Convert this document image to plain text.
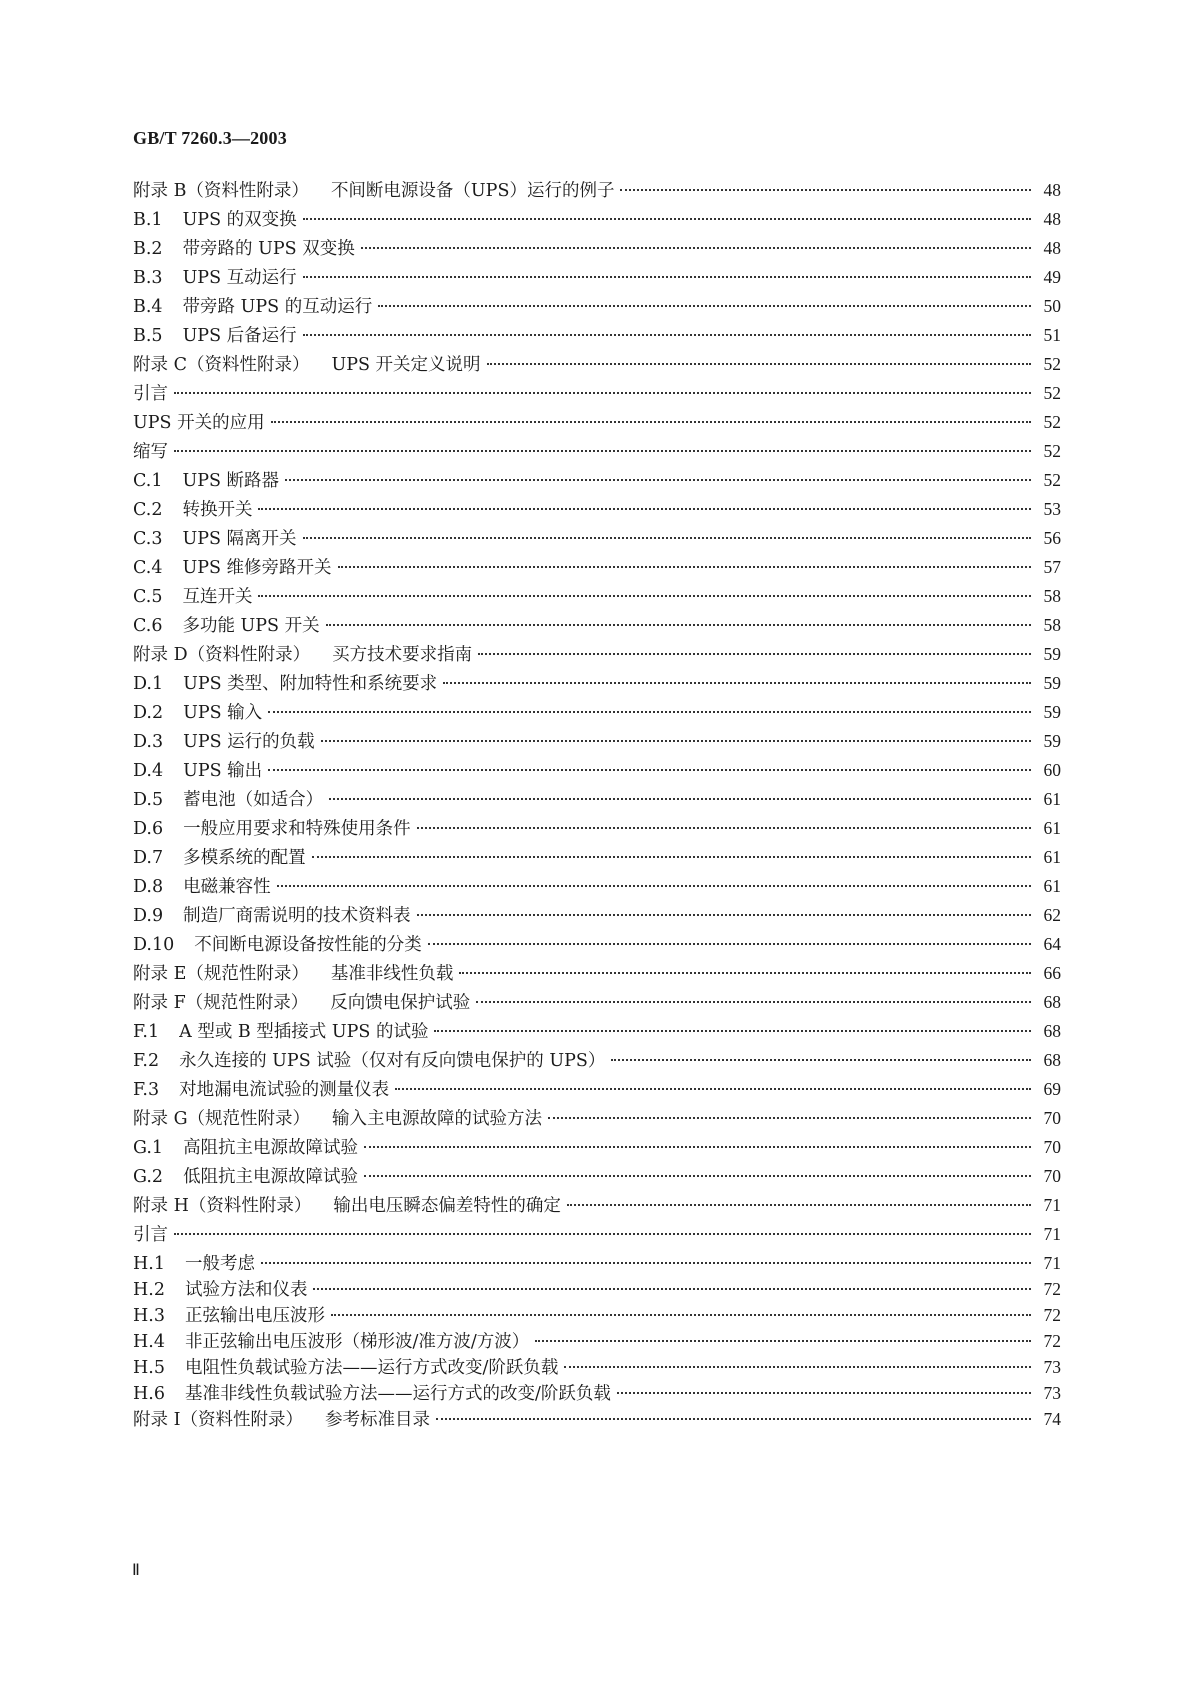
GB/T 7260.3—2003
附录 B（资料性附录） 不间断电源设备（UPS）运行的例子	48
B.1 UPS 的双变换	48
B.2 带旁路的 UPS 双变换	48
B.3 UPS 互动运行	49
B.4 带旁路 UPS 的互动运行	50
B.5 UPS 后备运行	51
附录 C（资料性附录） UPS 开关定义说明	52
引言	52
UPS 开关的应用	52
缩写	52
C.1 UPS 断路器	52
C.2 转换开关	53
C.3 UPS 隔离开关	56
C.4 UPS 维修旁路开关	57
C.5 互连开关	58
C.6 多功能 UPS 开关	58
附录 D（资料性附录） 买方技术要求指南	59
D.1 UPS 类型、附加特性和系统要求	59
D.2 UPS 输入	59
D.3 UPS 运行的负载	59
D.4 UPS 输出	60
D.5 蓄电池（如适合）	61
D.6 一般应用要求和特殊使用条件	61
D.7 多模系统的配置	61
D.8 电磁兼容性	61
D.9 制造厂商需说明的技术资料表	62
D.10 不间断电源设备按性能的分类	64
附录 E（规范性附录） 基准非线性负载	66
附录 F（规范性附录） 反向馈电保护试验	68
F.1 A 型或 B 型插接式 UPS 的试验	68
F.2 永久连接的 UPS 试验（仅对有反向馈电保护的 UPS）	68
F.3 对地漏电流试验的测量仪表	69
附录 G（规范性附录） 输入主电源故障的试验方法	70
G.1 高阻抗主电源故障试验	70
G.2 低阻抗主电源故障试验	70
附录 H（资料性附录） 输出电压瞬态偏差特性的确定	71
引言	71
H.1 一般考虑	71
H.2 试验方法和仪表	72
H.3 正弦输出电压波形	72
H.4 非正弦输出电压波形（梯形波/准方波/方波）	72
H.5 电阻性负载试验方法——运行方式改变/阶跃负载	73
H.6 基准非线性负载试验方法——运行方式的改变/阶跃负载	73
附录 I（资料性附录） 参考标准目录	74
Ⅱ
